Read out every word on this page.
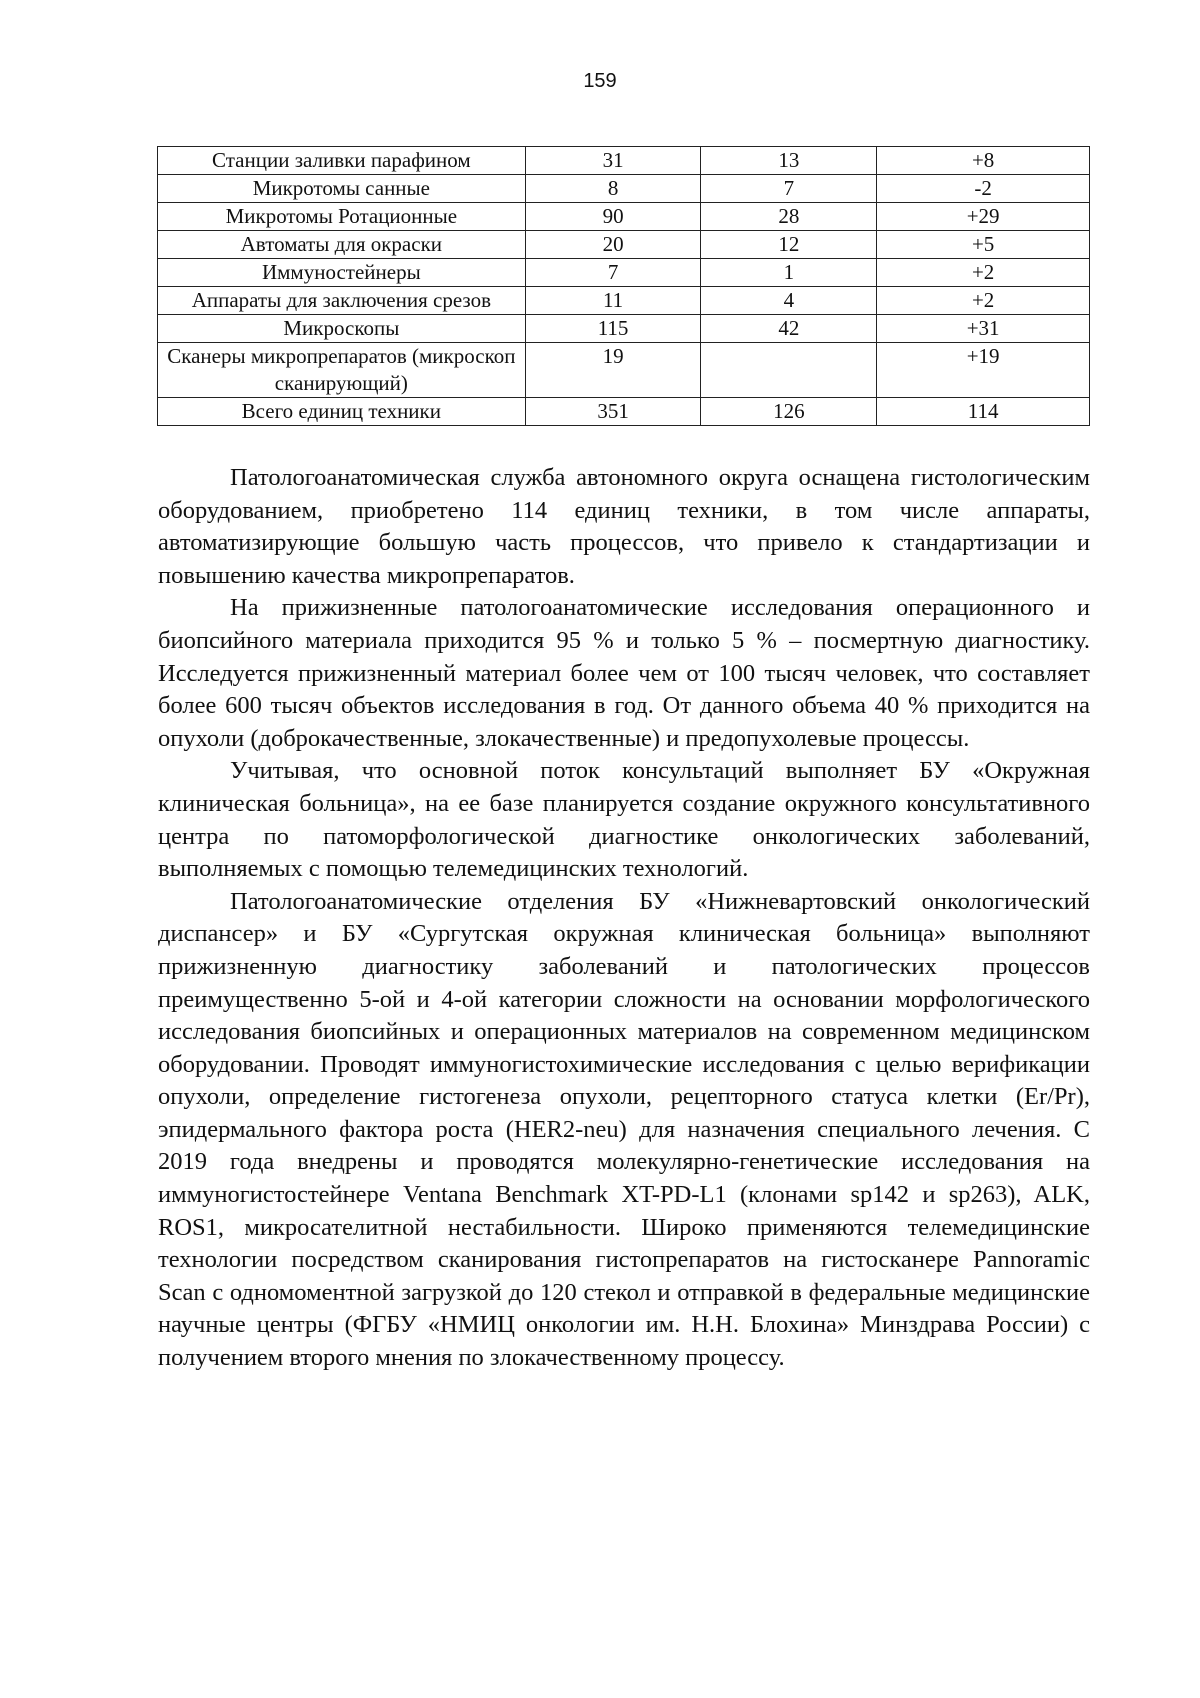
159
Станции заливки парафином	31	13	+8
Микротомы санные	8	7	-2
Микротомы Ротационные	90	28	+29
Автоматы для окраски	20	12	+5
Иммуностейнеры	7	1	+2
Аппараты для заключения срезов	11	4	+2
Микроскопы	115	42	+31
Сканеры микропрепаратов (микроскоп сканирующий)	19		+19
Всего единиц техники	351	126	114

Патологоанатомическая служба автономного округа оснащена гистологическим оборудованием, приобретено 114 единиц техники, в том числе аппараты, автоматизирующие большую часть процессов, что привело к стандартизации и повышению качества микропрепаратов.

На прижизненные патологоанатомические исследования операционного и биопсийного материала приходится 95 % и только 5 % – посмертную диагностику. Исследуется прижизненный материал более чем от 100 тысяч человек, что составляет более 600 тысяч объектов исследования в год. От данного объема 40 % приходится на опухоли (доброкачественные, злокачественные) и предопухолевые процессы.

Учитывая, что основной поток консультаций выполняет БУ «Окружная клиническая больница», на ее базе планируется создание окружного консультативного центра по патоморфологической диагностике онкологических заболеваний, выполняемых с помощью телемедицинских технологий.

Патологоанатомические отделения БУ «Нижневартовский онкологический диспансер» и БУ «Сургутская окружная клиническая больница» выполняют прижизненную диагностику заболеваний и патологических процессов преимущественно 5-ой и 4-ой категории сложности на основании морфологического исследования биопсийных и операционных материалов на современном медицинском оборудовании. Проводят иммуногистохимические исследования с целью верификации опухоли, определение гистогенеза опухоли, рецепторного статуса клетки (Er/Pr), эпидермального фактора роста (HER2-neu) для назначения специального лечения. С 2019 года внедрены и проводятся молекулярно-генетические исследования на иммуногистостейнере Ventana Benchmark XT-PD-L1 (клонами sp142 и sp263), ALK, ROS1, микросателитной нестабильности. Широко применяются телемедицинские технологии посредством сканирования гистопрепаратов на гистосканере Pannoramic Scan с одномоментной загрузкой до 120 стекол и отправкой в федеральные медицинские научные центры (ФГБУ «НМИЦ онкологии им. Н.Н. Блохина» Минздрава России) с получением второго мнения по злокачественному процессу.
